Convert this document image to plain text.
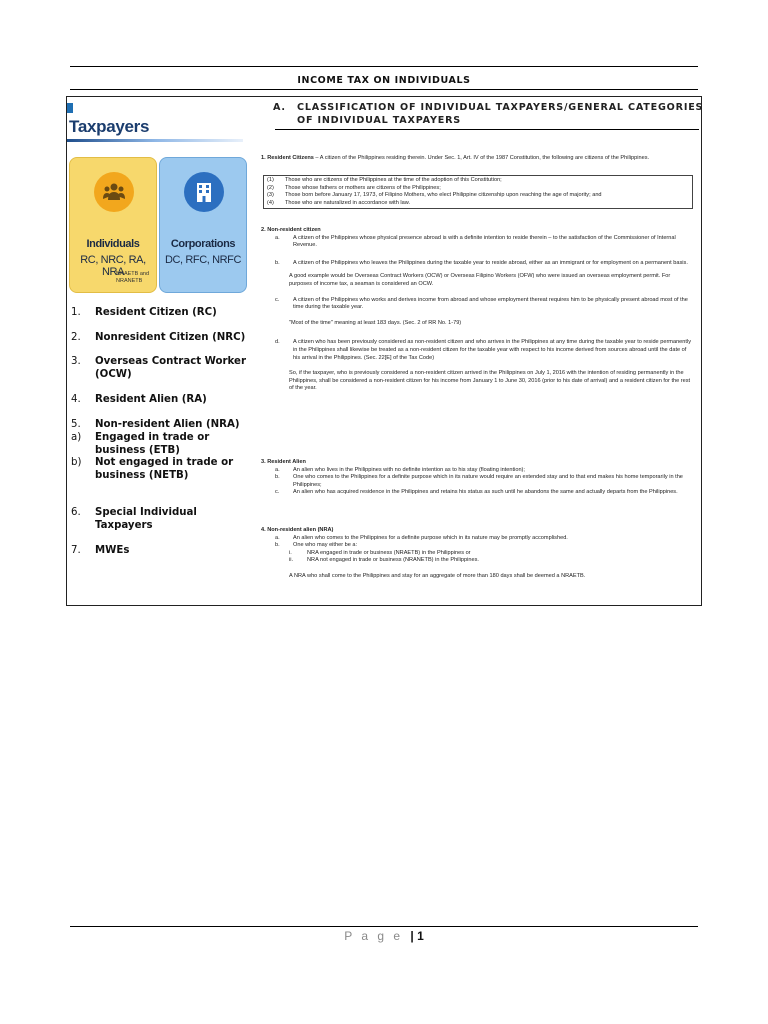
INCOME TAX ON INDIVIDUALS
Taxpayers
Individuals
RC, NRC, RA, NRA
NRAETB and NRANETB
Corporations
DC, RFC, NRFC
1. Resident Citizen (RC)
2. Nonresident Citizen (NRC)
3. Overseas Contract Worker (OCW)
4. Resident Alien (RA)
5. Non-resident Alien (NRA)
a) Engaged in trade or business (ETB)
b) Not engaged in trade or business (NETB)
6. Special Individual Taxpayers
7. MWEs
A. CLASSIFICATION OF INDIVIDUAL TAXPAYERS/GENERAL CATEGORIES OF INDIVIDUAL TAXPAYERS
1. Resident Citizens – A citizen of the Philippines residing therein. Under Sec. 1, Art. IV of the 1987 Constitution, the following are citizens of the Philippines.
(1)	Those who are citizens of the Philippines at the time of the adoption of this Constitution;
(2)	Those whose fathers or mothers are citizens of the Philippines;
(3)	Those born before January 17, 1973, of Filipino Mothers, who elect Philippine citizenship upon reaching the age of majority; and
(4)	Those who are naturalized in accordance with law.
2. Non-resident citizen
a.	A citizen of the Philippines whose physical presence abroad is with a definite intention to reside therein – to the satisfaction of the Commissioner of Internal Revenue.
b.	A citizen of the Philippines who leaves the Philippines during the taxable year to reside abroad, either as an immigrant or for employment on a permanent basis.
A good example would be Overseas Contract Workers (OCW) or Overseas Filipino Workers (OFW) who were issued an overseas employment permit. For purposes of income tax, a seaman is considered an OCW.
c.	A citizen of the Philippines who works and derives income from abroad and whose employment thereat requires him to be physically present abroad most of the time during the taxable year.
"Most of the time" meaning at least 183 days. (Sec. 2 of RR No. 1-79)
d.	A citizen who has been previously considered as non-resident citizen and who arrives in the Philippines at any time during the taxable year to reside permanently in the Philippines shall likewise be treated as a non-resident citizen for the taxable year with respect to his income derived from sources abroad until the date of his arrival in the Philippines. (Sec. 22[E] of the Tax Code)
So, if the taxpayer, who is previously considered a non-resident citizen arrived in the Philippines on July 1, 2016 with the intention of residing permanently in the Philippines, shall be considered a non-resident citizen for his income from January 1 to June 30, 2016 (prior to his date of arrival) and a resident citizen for the rest of the year.
3. Resident Alien
a.	An alien who lives in the Philippines with no definite intention as to his stay (floating intention);
b.	One who comes to the Philippines for a definite purpose which in its nature would require an extended stay and to that end makes his home temporarily in the Philippines;
c.	An alien who has acquired residence in the Philippines and retains his status as such until he abandons the same and actually departs from the Philippines.
4. Non-resident alien (NRA)
a.	An alien who comes to the Philippines for a definite purpose which in its nature may be promptly accomplished.
b.	One who may either be a:
i.	NRA engaged in trade or business (NRAETB) in the Philippines or
ii.	NRA not engaged in trade or business (NRANETB) in the Philippines.
A NRA who shall come to the Philippines and stay for an aggregate of more than 180 days shall be deemed a NRAETB.
P a g e | 1
